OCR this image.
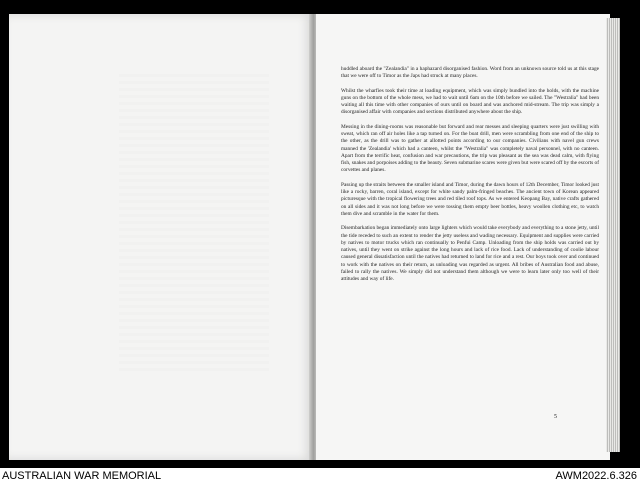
huddled aboard the "Zealandia" in a haphazard disorganised fashion. Word from an unknown source told us at this stage that we were off to Timor as the Japs had struck at many places.

Whilst the wharfies took their time at loading equipment, which was simply bundled into the holds, with the machine guns on the bottom of the whole mess, we had to wait until 6am on the 10th before we sailed. The "Westralia" had been waiting all this time with other companies of ours until on board and was anchored mid-stream. The trip was simply a disorganised affair with companies and sections distributed anywhere about the ship.

Messing in the dining-rooms was reasonable but forward and rear messes and sleeping quarters were just swilling with sweat, which ran off air holes like a tap turned on. For the boat drill, men were scrambling from one end of the ship to the other, as the drill was to gather at allotted points according to our companies. Civilians with navel gun crews manned the 'Zealandia' which had a canteen, whilst the "Westralia" was completely naval personnel, with no canteen. Apart from the terrific heat, confusion and war precautions, the trip was pleasant as the sea was dead calm, with flying fish, snakes and porpoises adding to the beauty. Seven submarine scares were given but were scared off by the escorts of corvettes and planes.

Passing up the straits between the smaller island and Timor, during the dawn hours of 12th December, Timor looked just like a rocky, barren, coral island, except for white sandy palm-fringed beaches. The ancient town of Korean appeared picturesque with the tropical flowering trees and red tiled roof tops. As we entered Keopang Bay, native crafts gathered on all sides and it was not long before we were tossing them empty beer bottles, heavy woollen clothing etc, to watch them dive and scramble in the water for them.

Disembarkation began immediately onto large lighters which would take everybody and everything to a stone jetty, until the tide receded to such an extent to render the jetty useless and wading necessary. Equipment and supplies were carried by natives to motor trucks which ran continually to Penfui Camp. Unloading from the ship holds was carried out by natives, until they went on strike against the long hours and lack of rice food. Lack of understanding of coolie labour caused general dissatisfaction until the natives had returned to land for rice and a rest. Our boys took over and continued to work with the natives on their return, as unloading was regarded as urgent. All bribes of Australian food and abuse, failed to rally the natives. We simply did not understand them although we were to learn later only too well of their attitudes and way of life.

5
AUSTRALIAN WAR MEMORIAL	AWM2022.6.326
